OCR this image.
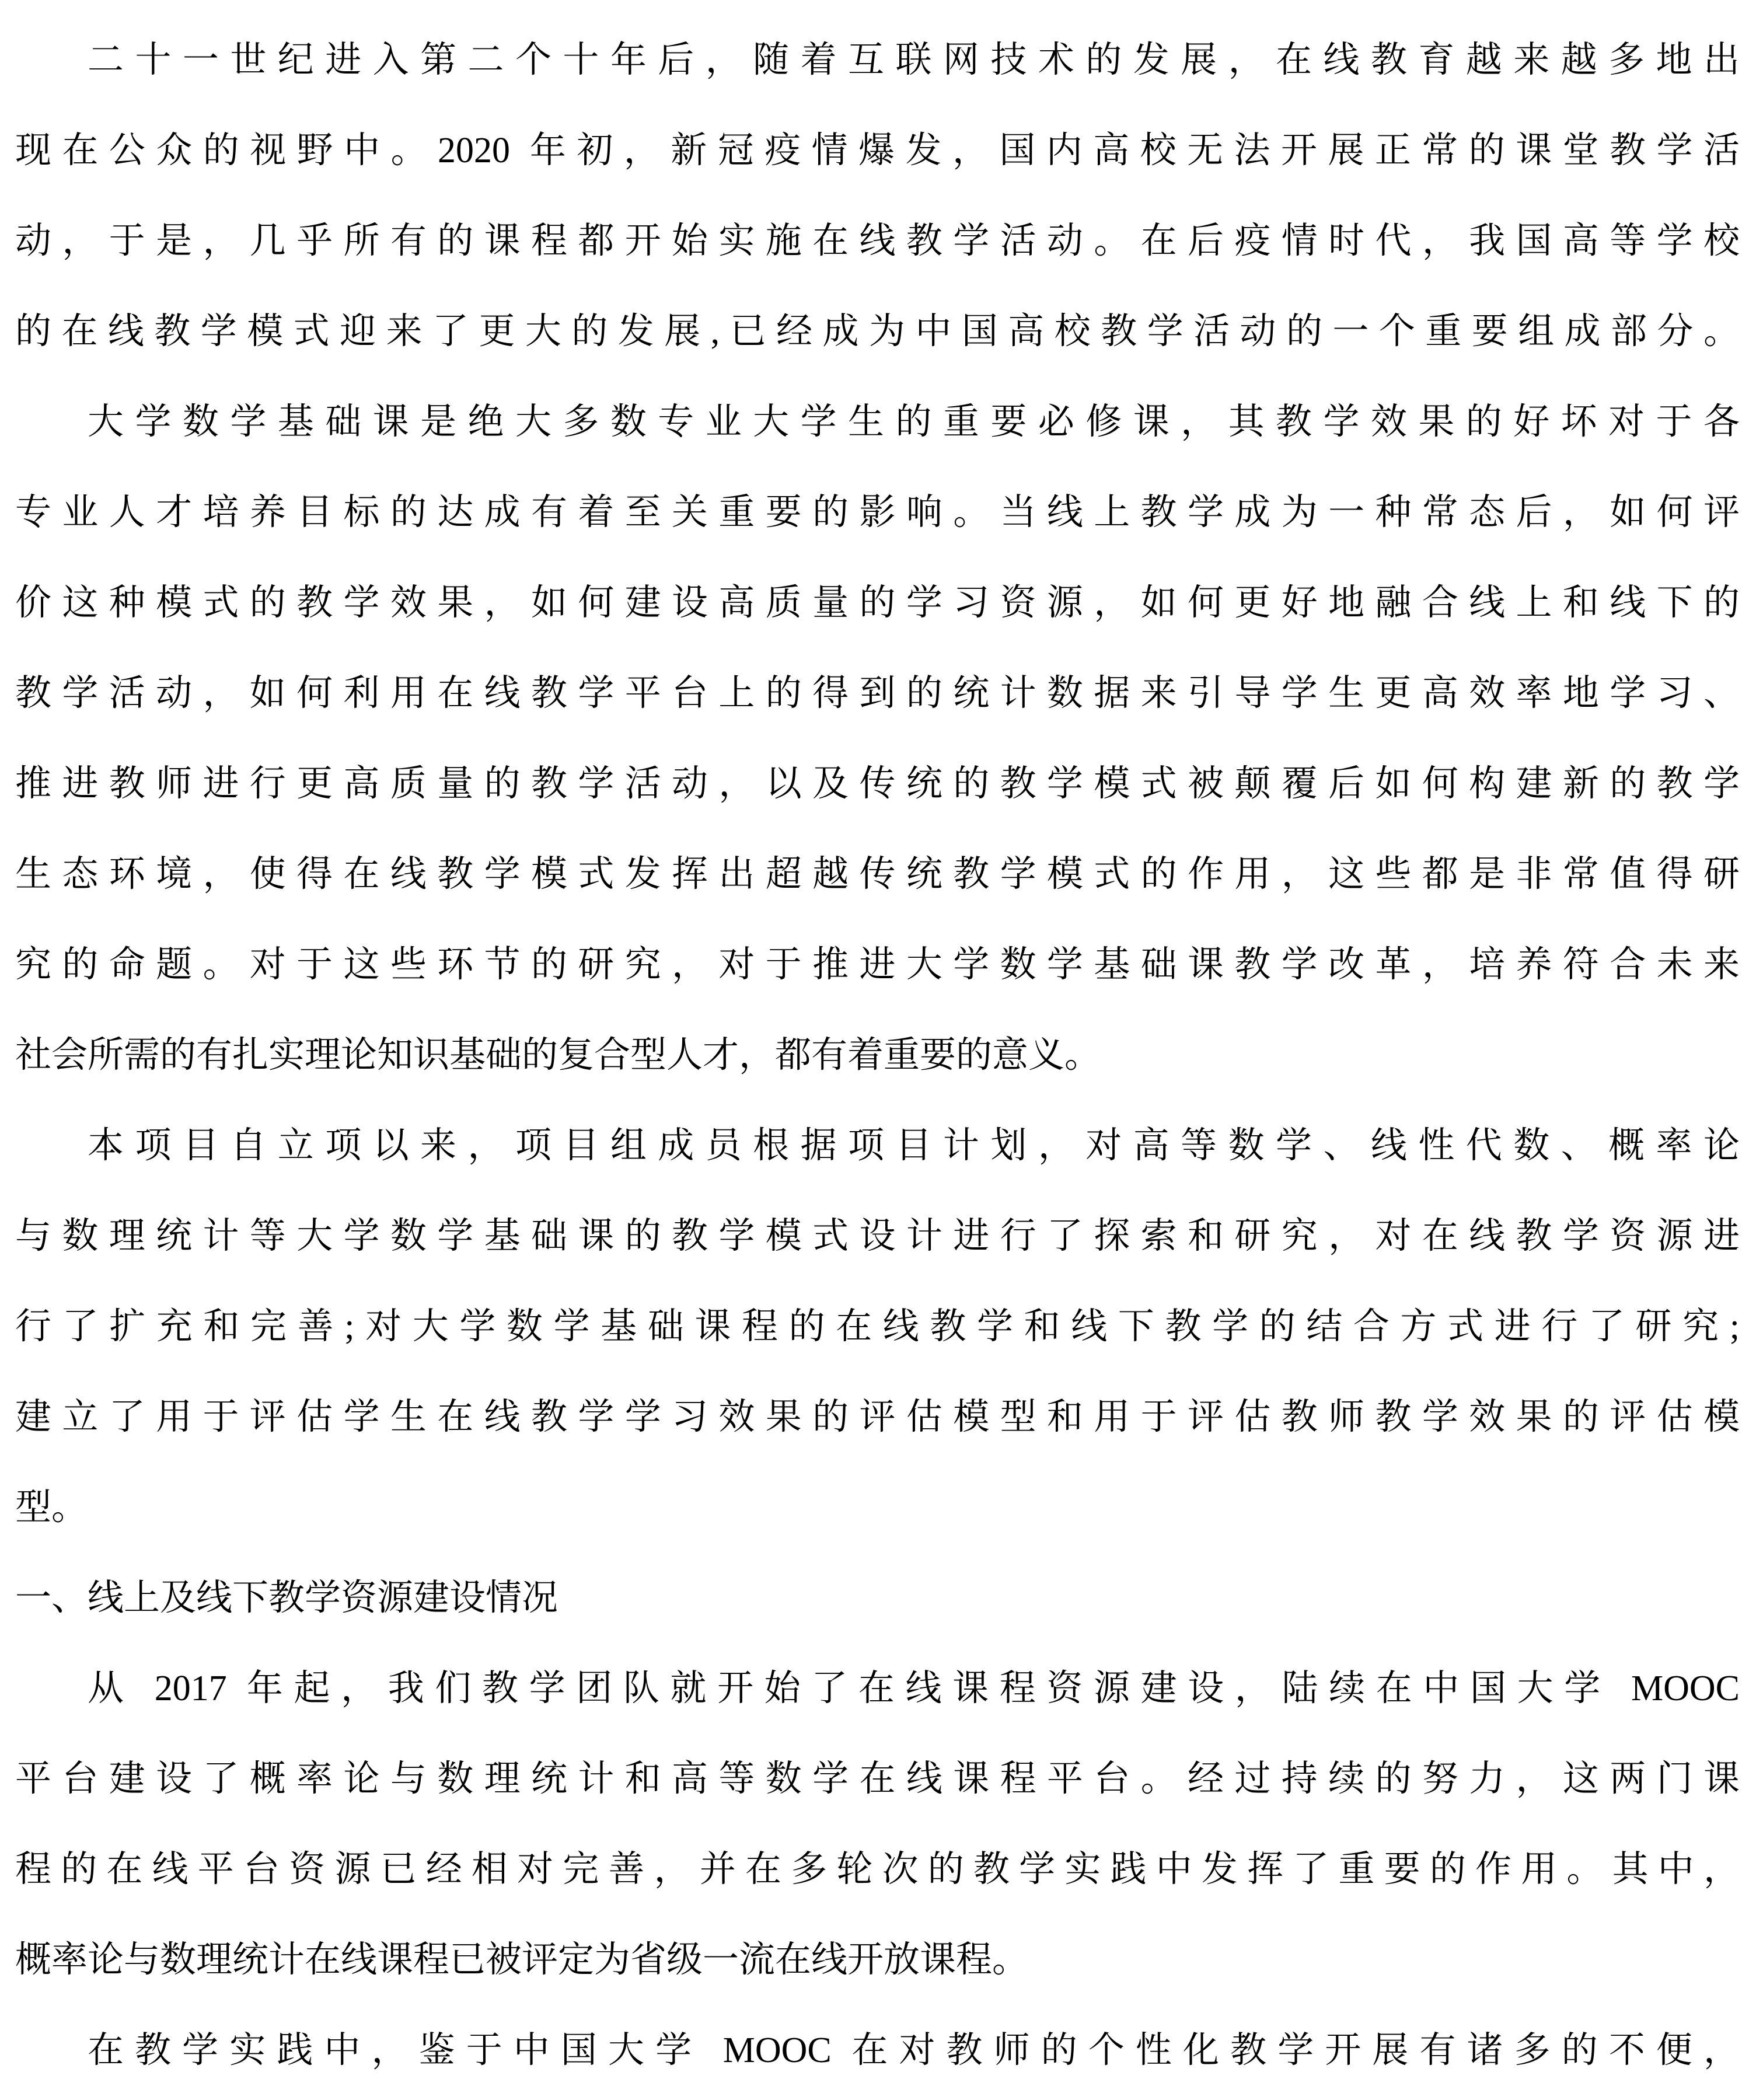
二十一世纪进入第二个十年后，随着互联网技术的发展，在线教育越来越多地出
现在公众的视野中。2020 年初，新冠疫情爆发，国内高校无法开展正常的课堂教学活
动，于是，几乎所有的课程都开始实施在线教学活动。在后疫情时代，我国高等学校
的在线教学模式迎来了更大的发展,已经成为中国高校教学活动的一个重要组成部分。
大学数学基础课是绝大多数专业大学生的重要必修课，其教学效果的好坏对于各
专业人才培养目标的达成有着至关重要的影响。当线上教学成为一种常态后，如何评
价这种模式的教学效果，如何建设高质量的学习资源，如何更好地融合线上和线下的
教学活动，如何利用在线教学平台上的得到的统计数据来引导学生更高效率地学习、
推进教师进行更高质量的教学活动，以及传统的教学模式被颠覆后如何构建新的教学
生态环境，使得在线教学模式发挥出超越传统教学模式的作用，这些都是非常值得研
究的命题。对于这些环节的研究，对于推进大学数学基础课教学改革，培养符合未来
社会所需的有扎实理论知识基础的复合型人才，都有着重要的意义。
本项目自立项以来，项目组成员根据项目计划，对高等数学、线性代数、概率论
与数理统计等大学数学基础课的教学模式设计进行了探索和研究，对在线教学资源进
行了扩充和完善;对大学数学基础课程的在线教学和线下教学的结合方式进行了研究;
建立了用于评估学生在线教学学习效果的评估模型和用于评估教师教学效果的评估模
型。
一、线上及线下教学资源建设情况
从 2017 年起，我们教学团队就开始了在线课程资源建设，陆续在中国大学 MOOC
平台建设了概率论与数理统计和高等数学在线课程平台。经过持续的努力，这两门课
程的在线平台资源已经相对完善，并在多轮次的教学实践中发挥了重要的作用。其中，
概率论与数理统计在线课程已被评定为省级一流在线开放课程。
在教学实践中，鉴于中国大学 MOOC 在对教师的个性化教学开展有诸多的不便，
